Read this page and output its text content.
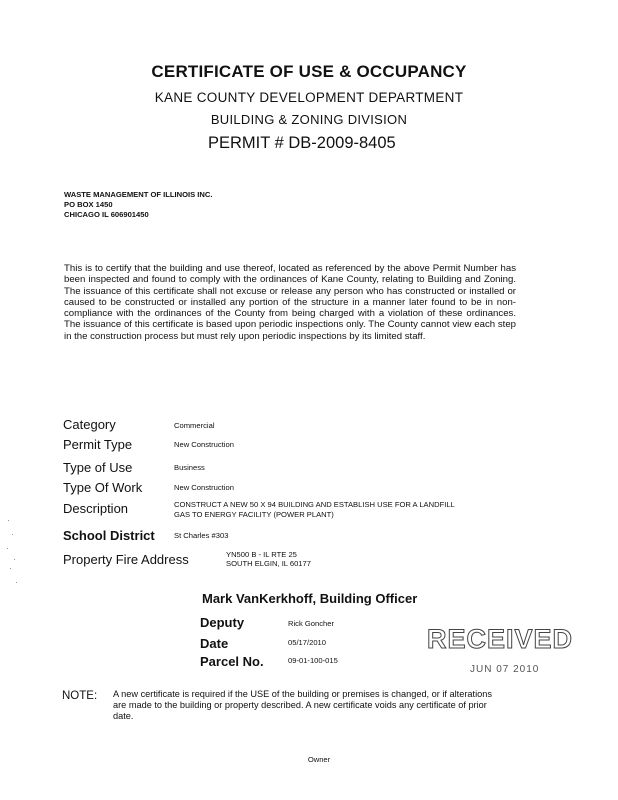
CERTIFICATE OF USE & OCCUPANCY
KANE COUNTY DEVELOPMENT DEPARTMENT
BUILDING & ZONING DIVISION
PERMIT # DB-2009-8405
WASTE MANAGEMENT OF ILLINOIS INC.
PO BOX 1450
CHICAGO IL 606901450
This is to certify that the building and use thereof, located as referenced by the above Permit Number has been inspected and found to comply with the ordinances of Kane County, relating to Building and Zoning. The issuance of this certificate shall not excuse or release any person who has constructed or installed or caused to be constructed or installed any portion of the structure in a manner later found to be in non-compliance with the ordinances of the County from being charged with a violation of these ordinances. The issuance of this certificate is based upon periodic inspections only. The County cannot view each step in the construction process but must rely upon periodic inspections by its limited staff.
Category	Commercial
Permit Type	New Construction
Type of Use	Business
Type Of Work	New Construction
Description	CONSTRUCT A NEW 50 X 94 BUILDING AND ESTABLISH USE FOR A LANDFILL
GAS TO ENERGY FACILITY (POWER PLANT)
School District	St Charles #303
Property Fire Address	YN500 B - IL RTE 25
SOUTH ELGIN, IL 60177
Mark VanKerkhoff, Building Officer
Deputy	Rick Goncher
Date	05/17/2010
Parcel No.	09-01-100-015
RECEIVED
JUN 07 2010
NOTE: A new certificate is required if the USE of the building or premises is changed, or if alterations are made to the building or property described. A new certificate voids any certificate of prior date.
Owner
